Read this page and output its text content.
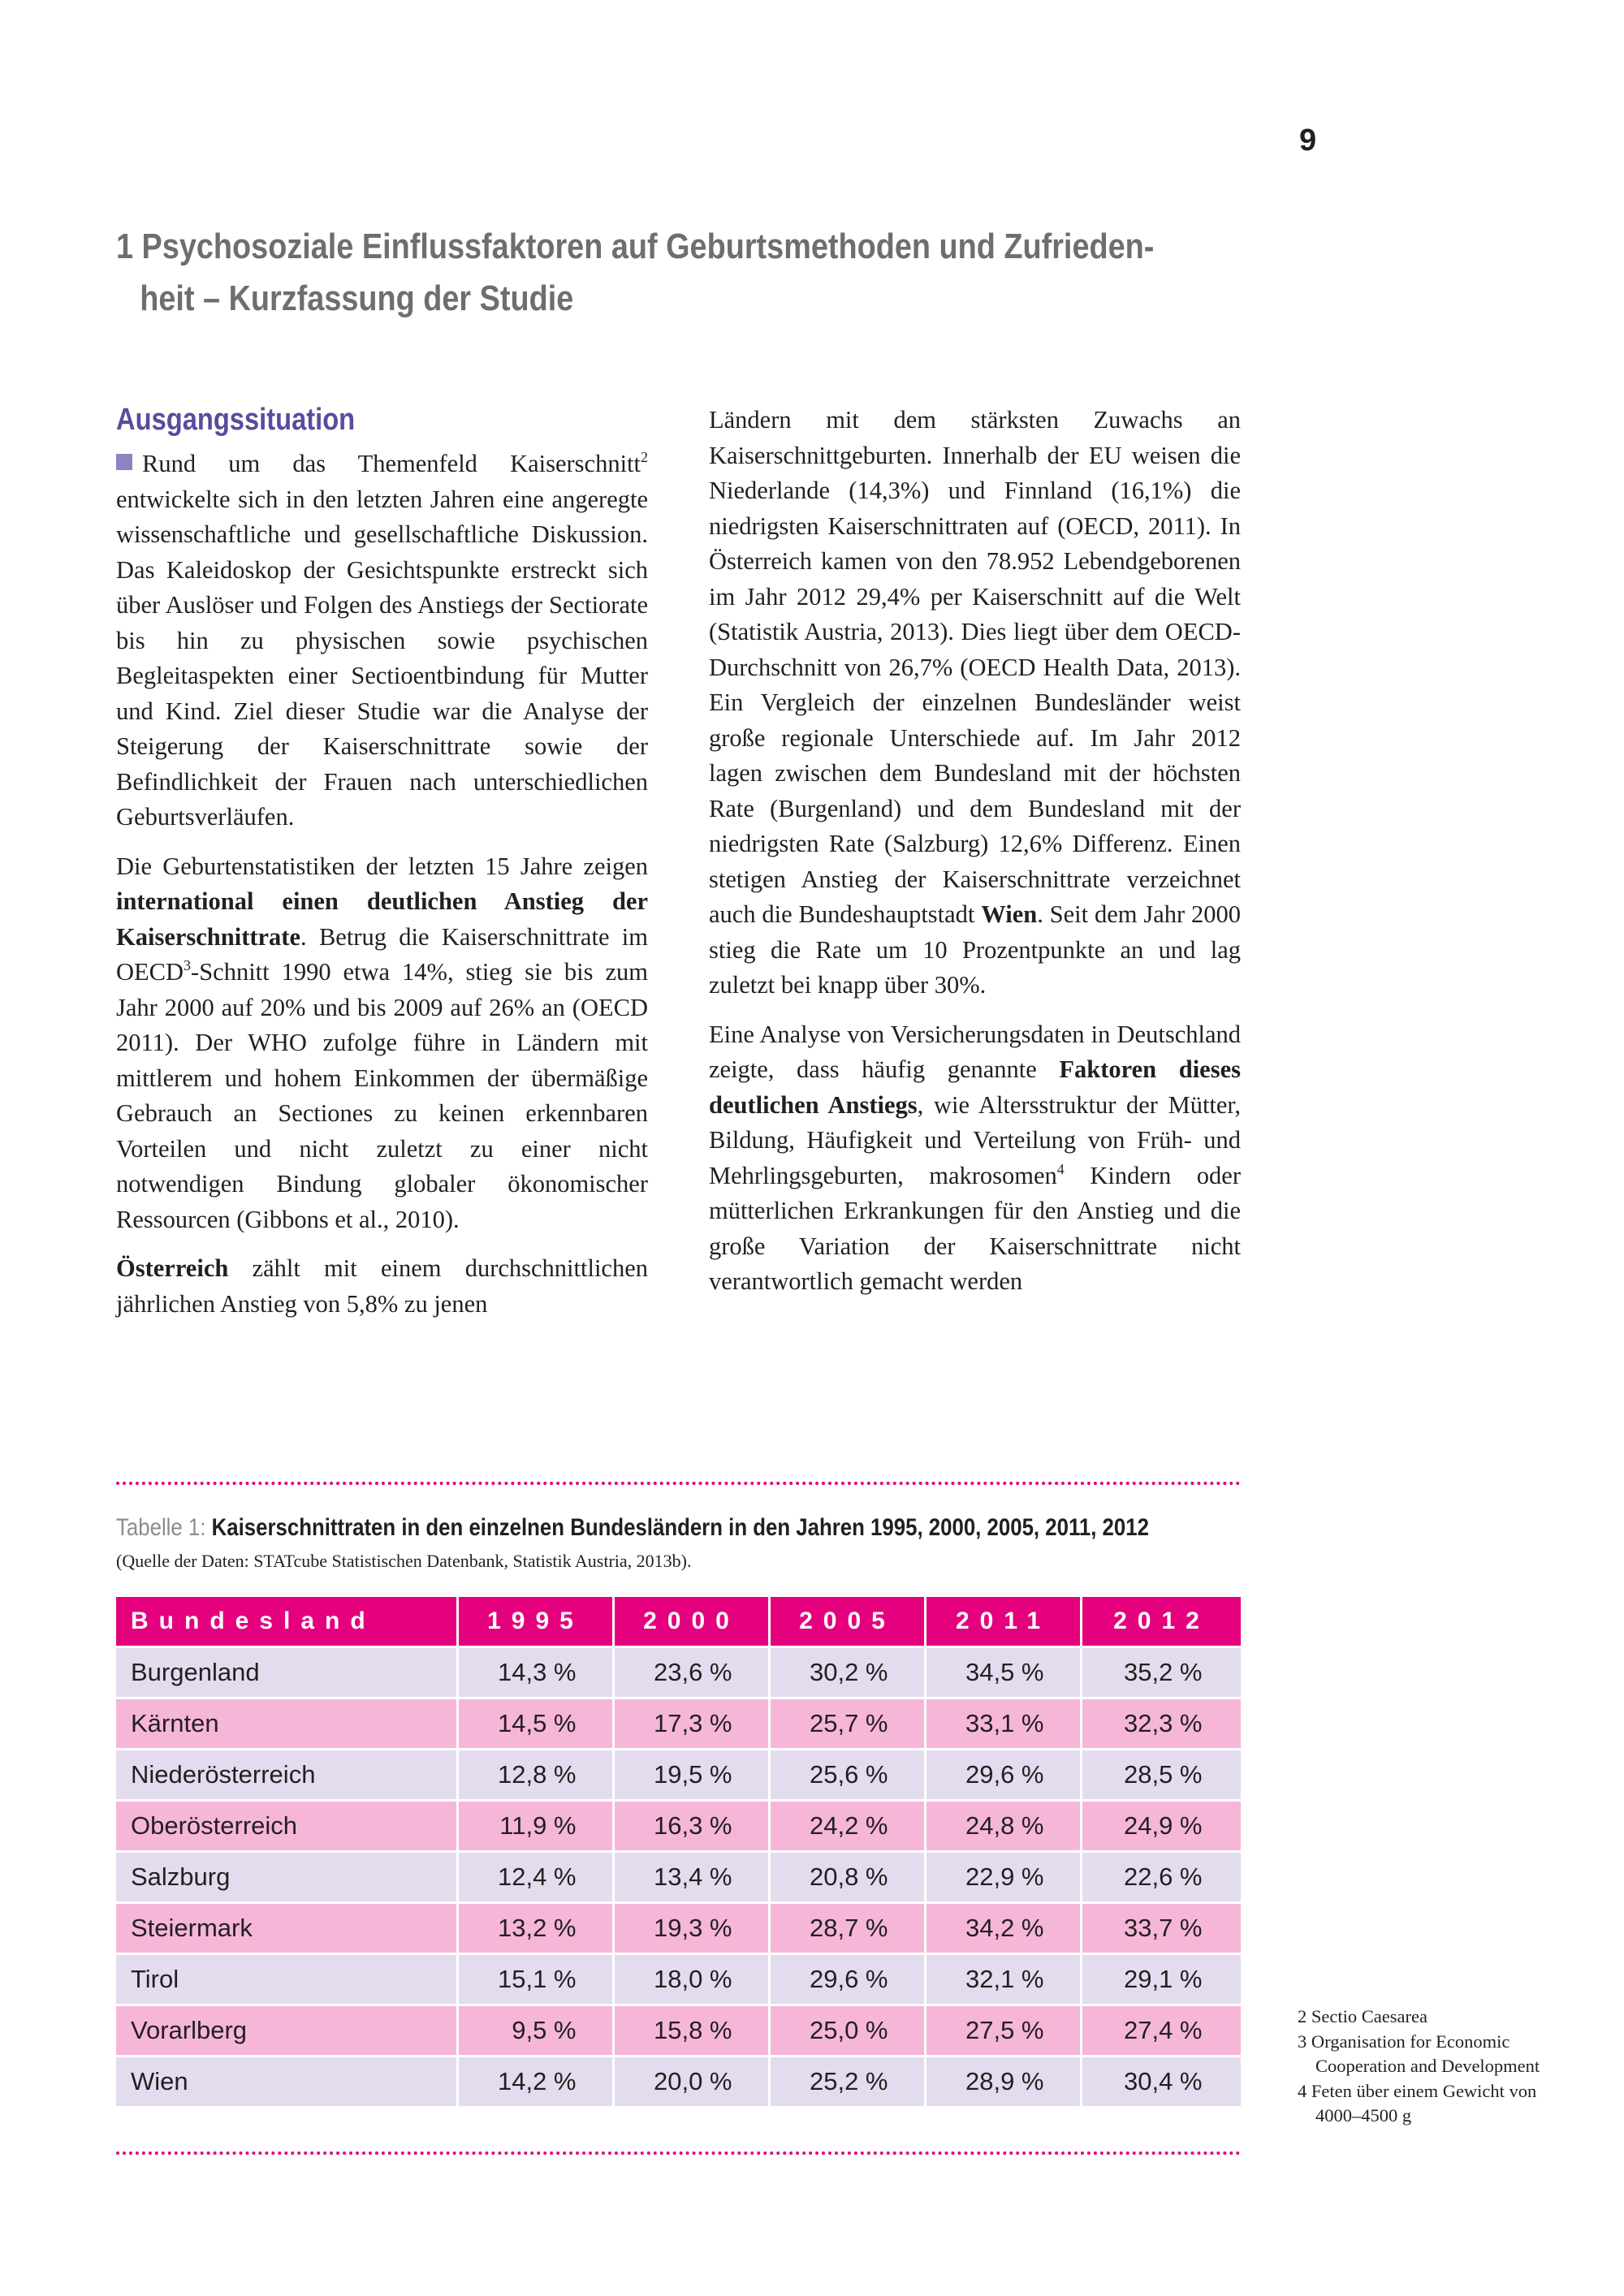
9
1 Psychosoziale Einflussfaktoren auf Geburtsmethoden und Zufrieden-
heit – Kurzfassung der Studie
Ausgangssituation

Rund um das Themenfeld Kaiserschnitt$^2$ entwickelte sich in den letzten Jahren eine angeregte wissenschaftliche und gesellschaftliche Diskussion. Das Kaleidoskop der Gesichtspunkte erstreckt sich über Auslöser und Folgen des Anstiegs der Sectiorate bis hin zu physischen sowie psychischen Begleitaspekten einer Sectioentbindung für Mutter und Kind. Ziel dieser Studie war die Analyse der Steigerung der Kaiserschnittrate sowie der Befindlichkeit der Frauen nach unterschiedlichen Geburtsverläufen.

Die Geburtenstatistiken der letzten 15 Jahre zeigen international einen deutlichen Anstieg der Kaiserschnittrate. Betrug die Kaiserschnittrate im OECD$^3$-Schnitt 1990 etwa 14%, stieg sie bis zum Jahr 2000 auf 20% und bis 2009 auf 26% an (OECD 2011). Der WHO zufolge führe in Ländern mit mittlerem und hohem Einkommen der übermäßige Gebrauch an Sectiones zu keinen erkennbaren Vorteilen und nicht zuletzt zu einer nicht notwendigen Bindung globaler ökonomischer Ressourcen (Gibbons et al., 2010).

Österreich zählt mit einem durchschnittlichen jährlichen Anstieg von 5,8% zu jenen

Ländern mit dem stärksten Zuwachs an Kaiserschnittgeburten. Innerhalb der EU weisen die Niederlande (14,3%) und Finnland (16,1%) die niedrigsten Kaiserschnittraten auf (OECD, 2011). In Österreich kamen von den 78.952 Lebendgeborenen im Jahr 2012 29,4% per Kaiserschnitt auf die Welt (Statistik Austria, 2013). Dies liegt über dem OECD-Durchschnitt von 26,7% (OECD Health Data, 2013). Ein Vergleich der einzelnen Bundesländer weist große regionale Unterschiede auf. Im Jahr 2012 lagen zwischen dem Bundesland mit der höchsten Rate (Burgenland) und dem Bundesland mit der niedrigsten Rate (Salzburg) 12,6% Differenz. Einen stetigen Anstieg der Kaiserschnittrate verzeichnet auch die Bundeshauptstadt Wien. Seit dem Jahr 2000 stieg die Rate um 10 Prozentpunkte an und lag zuletzt bei knapp über 30%.

Eine Analyse von Versicherungsdaten in Deutschland zeigte, dass häufig genannte Faktoren dieses deutlichen Anstiegs, wie Altersstruktur der Mütter, Bildung, Häufigkeit und Verteilung von Früh- und Mehrlingsgeburten, makrosomen$^4$ Kindern oder mütterlichen Erkrankungen für den Anstieg und die große Variation der Kaiserschnittrate nicht verantwortlich gemacht werden

Tabelle 1: Kaiserschnittraten in den einzelnen Bundesländern in den Jahren 1995, 2000, 2005, 2011, 2012
(Quelle der Daten: STATcube Statistischen Datenbank, Statistik Austria, 2013b).
Bundesland	1995	2000	2005	2011	2012
Burgenland	14,3 %	23,6 %	30,2 %	34,5 %	35,2 %
Kärnten	14,5 %	17,3 %	25,7 %	33,1 %	32,3 %
Niederösterreich	12,8 %	19,5 %	25,6 %	29,6 %	28,5 %
Oberösterreich	11,9 %	16,3 %	24,2 %	24,8 %	24,9 %
Salzburg	12,4 %	13,4 %	20,8 %	22,9 %	22,6 %
Steiermark	13,2 %	19,3 %	28,7 %	34,2 %	33,7 %
Tirol	15,1 %	18,0 %	29,6 %	32,1 %	29,1 %
Vorarlberg	9,5 %	15,8 %	25,0 %	27,5 %	27,4 %
Wien	14,2 %	20,0 %	25,2 %	28,9 %	30,4 %
2 Sectio Caesarea
3 Organisation for Economic Cooperation and Development
4 Feten über einem Gewicht von 4000–4500 g
